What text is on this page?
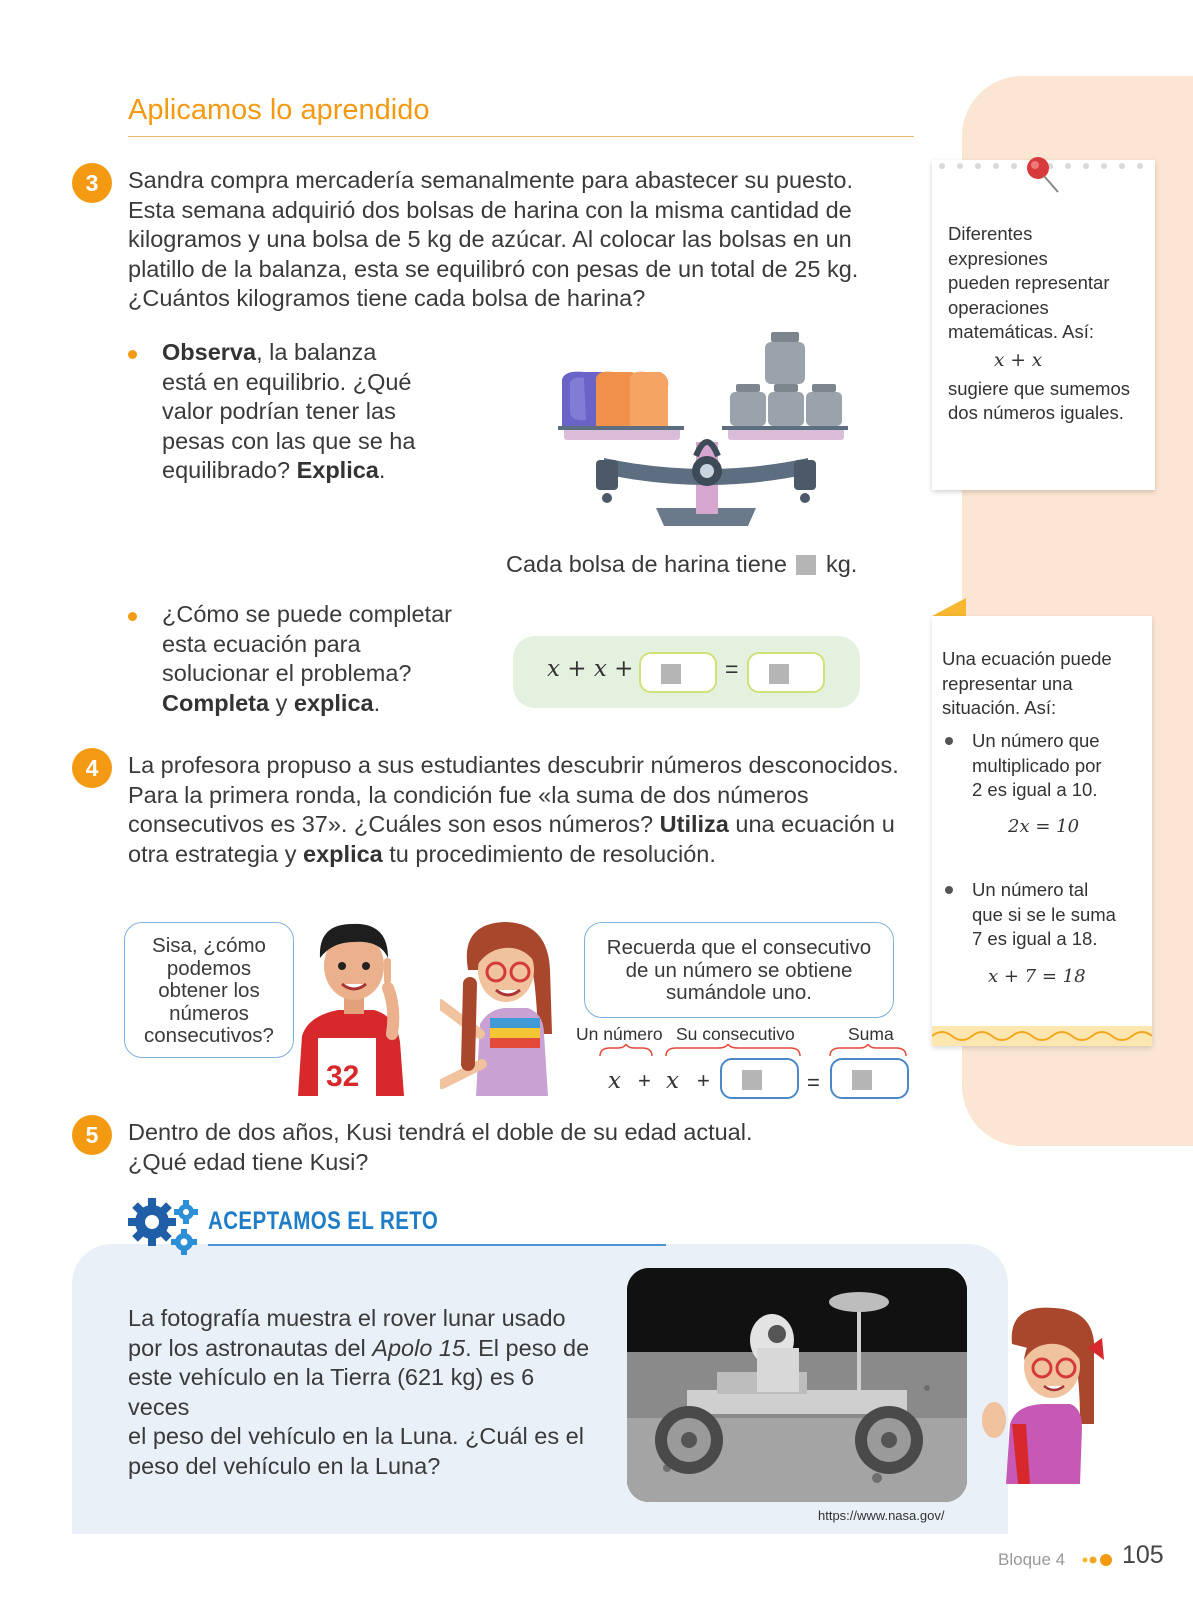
Aplicamos lo aprendido
3	Sandra compra mercadería semanalmente para abastecer su puesto.
Esta semana adquirió dos bolsas de harina con la misma cantidad de
kilogramos y una bolsa de 5 kg de azúcar. Al colocar las bolsas en un
platillo de la balanza, esta se equilibró con pesas de un total de 25 kg.
¿Cuántos kilogramos tiene cada bolsa de harina?
Observa, la balanza
está en equilibrio. ¿Qué
valor podrían tener las
pesas con las que se ha
equilibrado? Explica.
Cada bolsa de harina tiene kg.
¿Cómo se puede completar
esta ecuación para
solucionar el problema?
Completa y explica.
x + x +	=
Diferentes
expresiones
pueden representar
operaciones
matemáticas. Así:
x + x
sugiere que sumemos
dos números iguales.
Una ecuación puede
representar una
situación. Así:
Un número que
multiplicado por
2 es igual a 10.
2x = 10
Un número tal
que si se le suma
7 es igual a 18.
x + 7 = 18
4	La profesora propuso a sus estudiantes descubrir números desconocidos.
Para la primera ronda, la condición fue «la suma de dos números
consecutivos es 37». ¿Cuáles son esos números? Utiliza una ecuación u
otra estrategia y explica tu procedimiento de resolución.
Sisa, ¿cómo
podemos
obtener los
números
consecutivos?
32
Recuerda que el consecutivo
de un número se obtiene
sumándole uno.
Un número Su consecutivo	Suma
x + x +	=
5	Dentro de dos años, Kusi tendrá el doble de su edad actual.
¿Qué edad tiene Kusi?
ACEPTAMOS EL RETO
La fotografía muestra el rover lunar usado
por los astronautas del Apolo 15. El peso de
este vehículo en la Tierra (621 kg) es 6 veces
el peso del vehículo en la Luna. ¿Cuál es el
peso del vehículo en la Luna?
https://www.nasa.gov/
Bloque 4 105
